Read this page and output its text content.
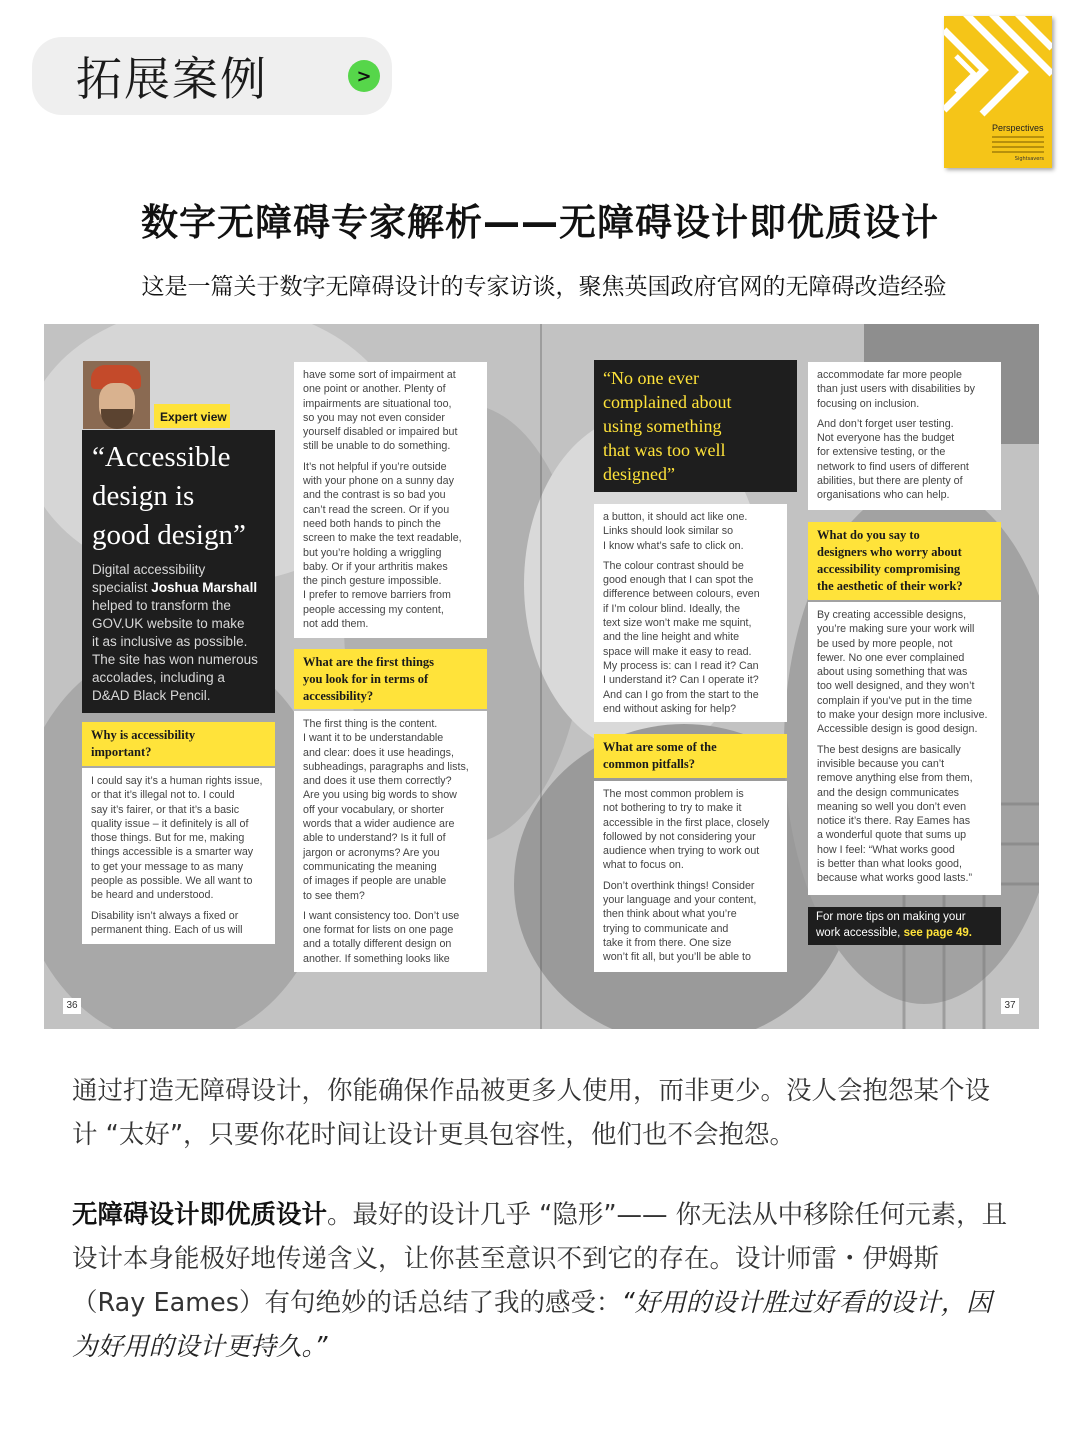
拓展案例	>
Perspectives
Sightsavers
数字无障碍专家解析——无障碍设计即优质设计
这是一篇关于数字无障碍设计的专家访谈，聚焦英国政府官网的无障碍改造经验
Expert view
“Accessible
design is
good design”
Digital accessibility
specialist Joshua Marshall
helped to transform the
GOV.UK website to make
it as inclusive as possible.
The site has won numerous
accolades, including a
D&AD Black Pencil.
Why is accessibility
important?

I could say it’s a human rights issue,
or that it’s illegal not to. I could
say it’s fairer, or that it’s a basic
quality issue – it definitely is all of
those things. But for me, making
things accessible is a smarter way
to get your message to as many
people as possible. We all want to
be heard and understood.

Disability isn’t always a fixed or
permanent thing. Each of us will

have some sort of impairment at
one point or another. Plenty of
impairments are situational too,
so you may not even consider
yourself disabled or impaired but
still be unable to do something.

It’s not helpful if you’re outside
with your phone on a sunny day
and the contrast is so bad you
can’t read the screen. Or if you
need both hands to pinch the
screen to make the text readable,
but you’re holding a wriggling
baby. Or if your arthritis makes
the pinch gesture impossible.
I prefer to remove barriers from
people accessing my content,
not add them.

What are the first things
you look for in terms of
accessibility?

The first thing is the content.
I want it to be understandable
and clear: does it use headings,
subheadings, paragraphs and lists,
and does it use them correctly?
Are you using big words to show
off your vocabulary, or shorter
words that a wider audience are
able to understand? Is it full of
jargon or acronyms? Are you
communicating the meaning
of images if people are unable
to see them?

I want consistency too. Don’t use
one format for lists on one page
and a totally different design on
another. If something looks like

“No one ever
complained about
using something
that was too well
designed”

a button, it should act like one.
Links should look similar so
I know what’s safe to click on.

The colour contrast should be
good enough that I can spot the
difference between colours, even
if I’m colour blind. Ideally, the
text size won’t make me squint,
and the line height and white
space will make it easy to read.
My process is: can I read it? Can
I understand it? Can I operate it?
And can I go from the start to the
end without asking for help?

What are some of the
common pitfalls?

The most common problem is
not bothering to try to make it
accessible in the first place, closely
followed by not considering your
audience when trying to work out
what to focus on.

Don’t overthink things! Consider
your language and your content,
then think about what you’re
trying to communicate and
take it from there. One size
won’t fit all, but you’ll be able to

accommodate far more people
than just users with disabilities by
focusing on inclusion.

And don’t forget user testing.
Not everyone has the budget
for extensive testing, or the
network to find users of different
abilities, but there are plenty of
organisations who can help.

What do you say to
designers who worry about
accessibility compromising
the aesthetic of their work?

By creating accessible designs,
you’re making sure your work will
be used by more people, not
fewer. No one ever complained
about using something that was
too well designed, and they won’t
complain if you’ve put in the time
to make your design more inclusive.
Accessible design is good design.

The best designs are basically
invisible because you can’t
remove anything else from them,
and the design communicates
meaning so well you don’t even
notice it’s there. Ray Eames has
a wonderful quote that sums up
how I feel: “What works good
is better than what looks good,
because what works good lasts.”

For more tips on making your
work accessible, see page 49.
36	37
通过打造无障碍设计，你能确保作品被更多人使用，而非更少。没人会抱怨某个设计 “太好”，只要你花时间让设计更具包容性，他们也不会抱怨。
无障碍设计即优质设计。最好的设计几乎 “隐形”—— 你无法从中移除任何元素，且设计本身能极好地传递含义，让你甚至意识不到它的存在。设计师雷・伊姆斯（Ray Eames）有句绝妙的话总结了我的感受：“好用的设计胜过好看的设计，因为好用的设计更持久。”
